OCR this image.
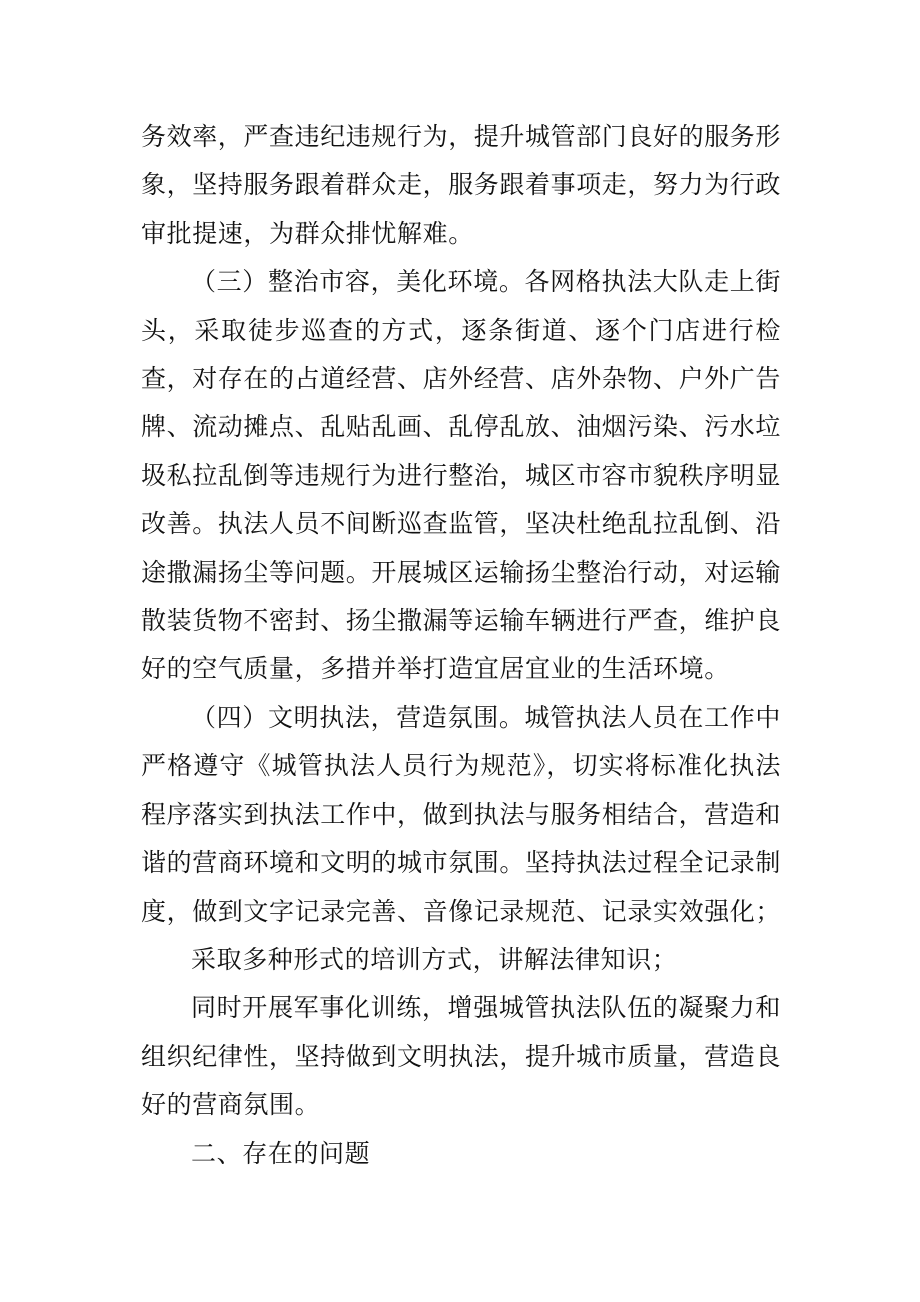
务效率，严查违纪违规行为，提升城管部门良好的服务形象，坚持服务跟着群众走，服务跟着事项走，努力为行政审批提速，为群众排忧解难。

（三）整治市容，美化环境。各网格执法大队走上街头，采取徒步巡查的方式，逐条街道、逐个门店进行检查，对存在的占道经营、店外经营、店外杂物、户外广告牌、流动摊点、乱贴乱画、乱停乱放、油烟污染、污水垃圾私拉乱倒等违规行为进行整治，城区市容市貌秩序明显改善。执法人员不间断巡查监管，坚决杜绝乱拉乱倒、沿途撒漏扬尘等问题。开展城区运输扬尘整治行动，对运输散装货物不密封、扬尘撒漏等运输车辆进行严查，维护良好的空气质量，多措并举打造宜居宜业的生活环境。

（四）文明执法，营造氛围。城管执法人员在工作中严格遵守《城管执法人员行为规范》，切实将标准化执法程序落实到执法工作中，做到执法与服务相结合，营造和谐的营商环境和文明的城市氛围。坚持执法过程全记录制度，做到文字记录完善、音像记录规范、记录实效强化；

采取多种形式的培训方式，讲解法律知识；

同时开展军事化训练，增强城管执法队伍的凝聚力和组织纪律性，坚持做到文明执法，提升城市质量，营造良好的营商氛围。

二、存在的问题
